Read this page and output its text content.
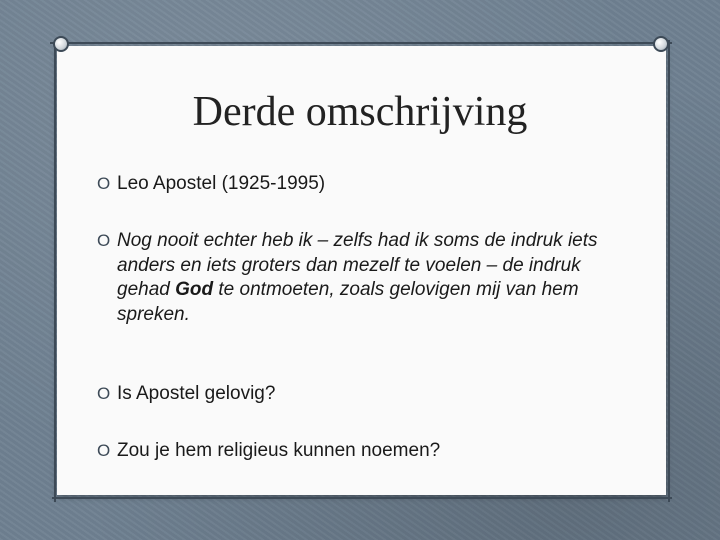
Derde omschrijving
O Leo Apostel (1925-1995)
O Nog nooit echter heb ik – zelfs had ik soms de indruk iets anders en iets groters dan mezelf te voelen – de indruk gehad God te ontmoeten, zoals gelovigen mij van hem spreken.
O Is Apostel gelovig?
O Zou je hem religieus kunnen noemen?
